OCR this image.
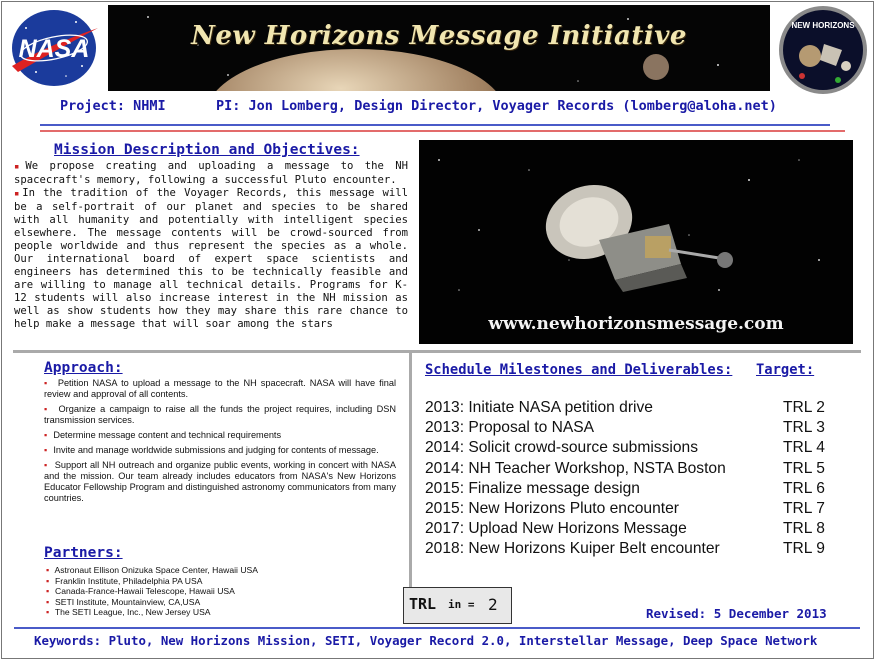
NASA	New Horizons Message Initiative	NEW HORIZONS
Project: NHMI	PI: Jon Lomberg, Design Director, Voyager Records (lomberg@aloha.net)
Mission Description and Objectives:

▪We propose creating and uploading a message to the NH spacecraft's memory, following a successful Pluto encounter.

▪In the tradition of the Voyager Records, this message will be a self-portrait of our planet and species to be shared with all humanity and potentially with intelligent species elsewhere. The message contents will be crowd-sourced from people worldwide and thus represent the species as a whole. Our international board of expert space scientists and engineers has determined this to be technically feasible and are willing to manage all technical details. Programs for K-12 students will also increase interest in the NH mission as well as show students how they may share this rare chance to help make a message that will soar among the stars	www.newhorizonsmessage.com
Approach:

▪ Petition NASA to upload a message to the NH spacecraft. NASA will have final review and approval of all contents.

▪ Organize a campaign to raise all the funds the project requires, including DSN transmission services.

▪ Determine message content and technical requirements

▪ Invite and manage worldwide submissions and judging for contents of message.

▪ Support all NH outreach and organize public events, working in concert with NASA and the mission. Our team already includes educators from NASA's New Horizons Educator Fellowship Program and distinguished astronomy communicators from many countries.

Partners:
▪ Astronaut Ellison Onizuka Space Center, Hawaii USA
▪ Franklin Institute, Philadelphia PA USA
▪ Canada-France-Hawaii Telescope, Hawaii USA
▪ SETI Institute, Mountainview, CA,USA
▪ The SETI League, Inc., New Jersey USA
Schedule Milestones and Deliverables: Target:
2013: Initiate NASA petition drive	TRL 2
2013: Proposal to NASA	TRL 3
2014: Solicit crowd-source submissions	TRL 4
2014: NH Teacher Workshop, NSTA Boston	TRL 5
2015: Finalize message design	TRL 6
2015: New Horizons Pluto encounter	TRL 7
2017: Upload New Horizons Message	TRL 8
2018: New Horizons Kuiper Belt encounter	TRL 9
TRL in = 2	Revised: 5 December 2013
Keywords: Pluto, New Horizons Mission, SETI, Voyager Record 2.0, Interstellar Message, Deep Space Network
